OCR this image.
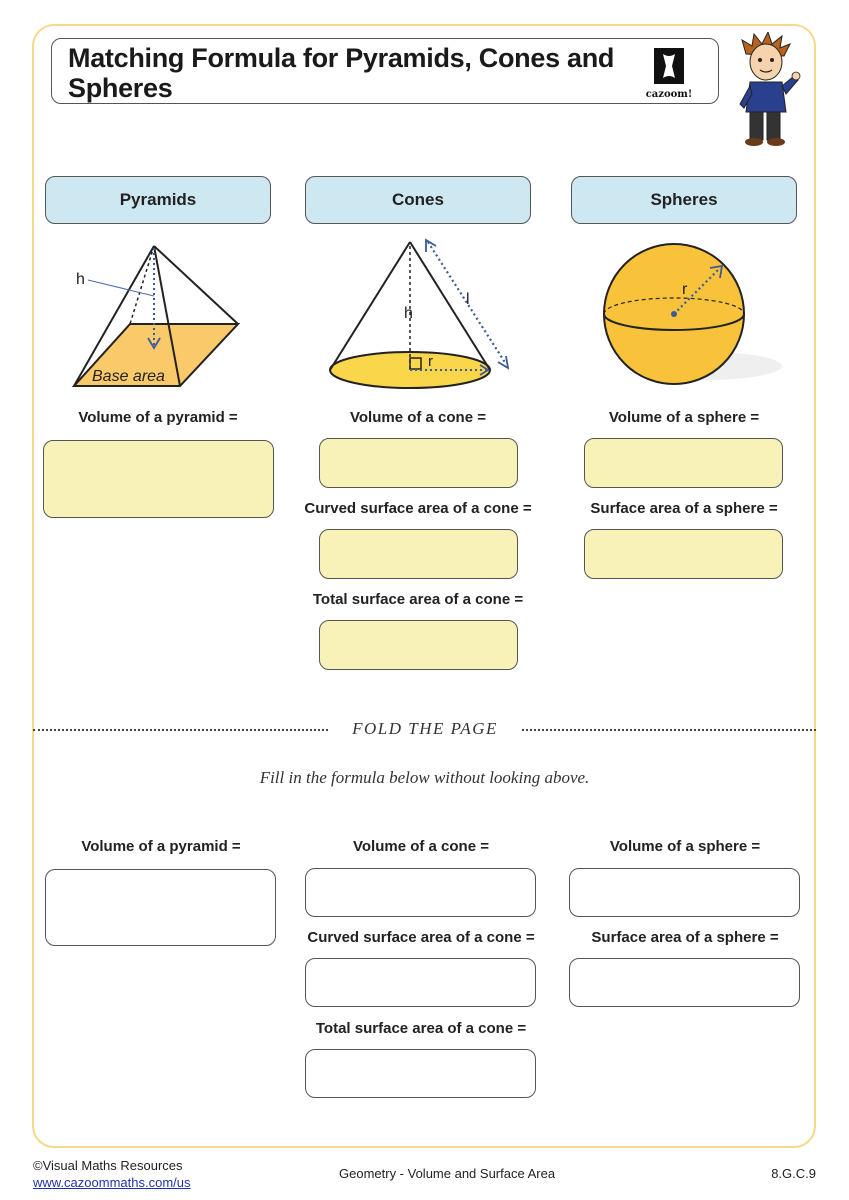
Matching Formula for Pyramids, Cones and Spheres	cazoom!
Pyramids	Cones	Spheres
h
Base area
h
l
r
r
Volume of a pyramid =	Volume of a cone =
Curved surface area of a cone =
Total surface area of a cone =
Volume of a sphere =
Surface area of a sphere =
FOLD THE PAGE
Fill in the formula below without looking above.
Volume of a pyramid =	Volume of a cone =
Curved surface area of a cone =
Total surface area of a cone =
Volume of a sphere =
Surface area of a sphere =
©Visual Maths Resources
www.cazoommaths.com/us
Geometry - Volume and Surface Area	8.G.C.9
